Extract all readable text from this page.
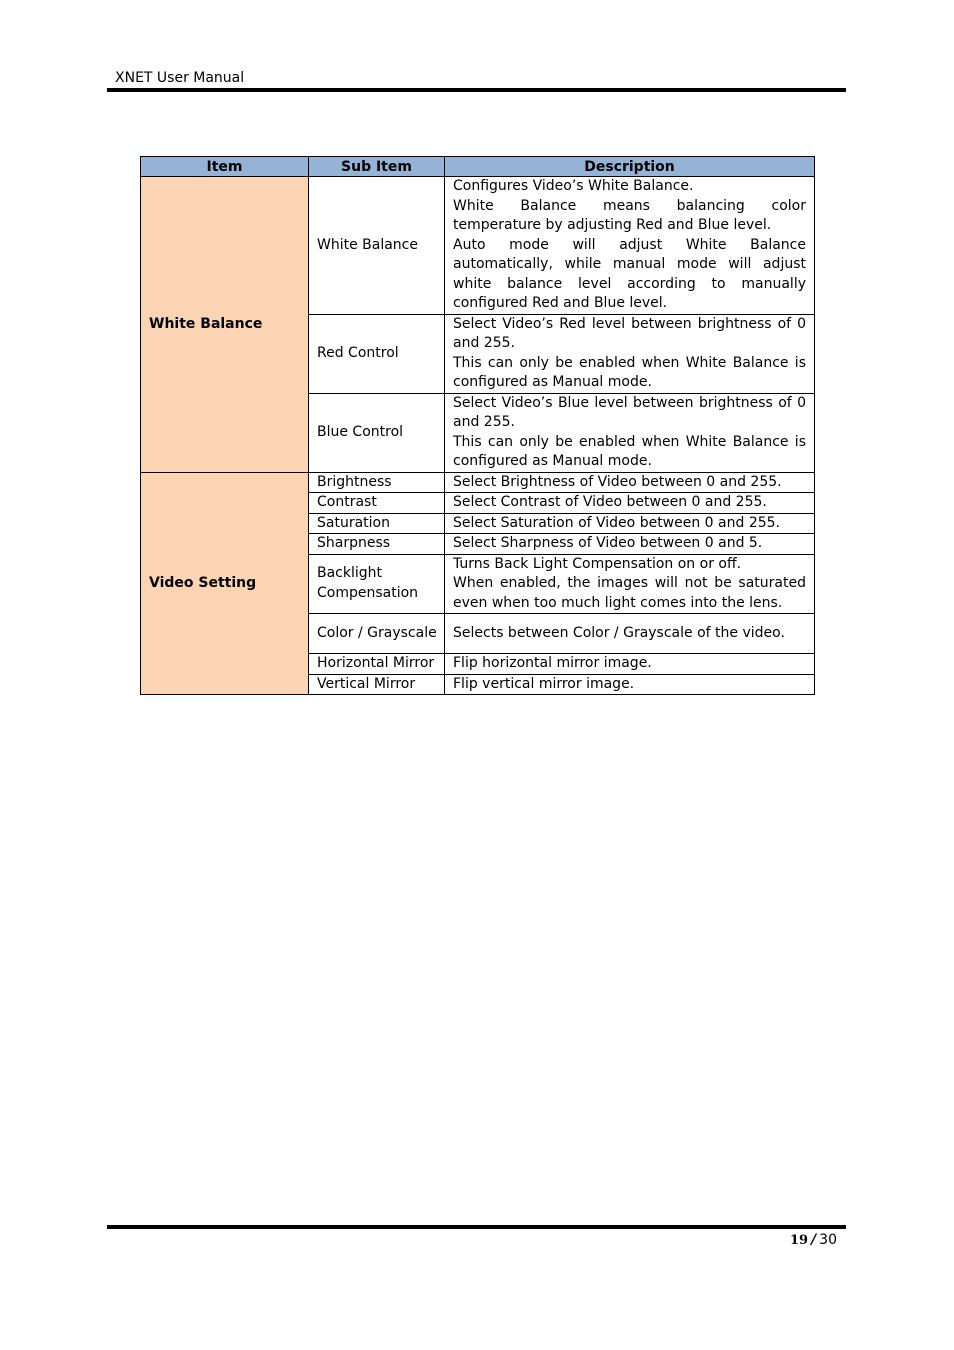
XNET User Manual
Item	Sub Item	Description
White Balance	White Balance	Configures Video’s White Balance.
White Balance means balancing color temperature by adjusting Red and Blue level.
Auto mode will adjust White Balance automatically, while manual mode will adjust white balance level according to manually configured Red and Blue level.

	Red Control	Select Video’s Red level between brightness of 0 and 255.
This can only be enabled when White Balance is configured as Manual mode.

	Blue Control	Select Video’s Blue level between brightness of 0 and 255.
This can only be enabled when White Balance is configured as Manual mode.

Video Setting	Brightness	Select Brightness of Video between 0 and 255.
	Contrast	Select Contrast of Video between 0 and 255.
	Saturation	Select Saturation of Video between 0 and 255.
	Sharpness	Select Sharpness of Video between 0 and 5.
	Backlight Compensation	Turns Back Light Compensation on or off.
When enabled, the images will not be saturated even when too much light comes into the lens.

	Color / Grayscale	Selects between Color / Grayscale of the video.
	Horizontal Mirror	Flip horizontal mirror image.
	Vertical Mirror	Flip vertical mirror image.
19 / 30
